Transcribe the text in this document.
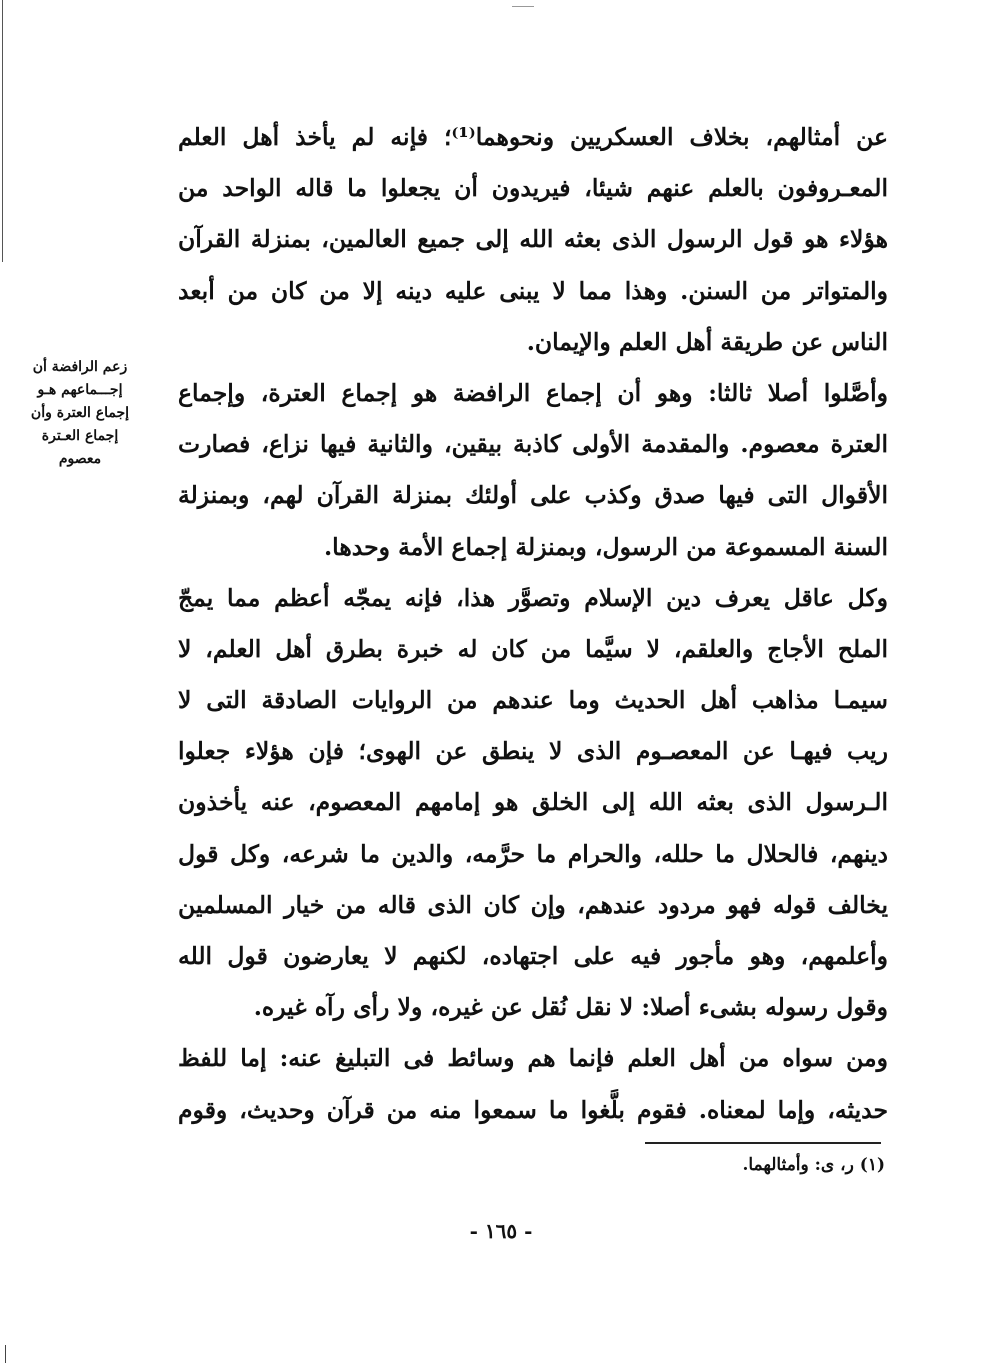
عن أمثالهم، بخلاف العسكريين ونحوهما⁽¹⁾؛ فإنه لم يأخذ أهل العلم
المعـروفون بالعلم عنهم شيئا، فيريدون أن يجعلوا ما قاله الواحد من
هؤلاء هو قول الرسول الذى بعثه الله إلى جميع العالمين، بمنزلة القرآن
والمتواتر من السنن. وهذا مما لا يبنى عليه دينه إلا من كان من أبعد
الناس عن طريقة أهل العلم والإيمان.
وأصَّلوا أصلا ثالثا: وهو أن إجماع الرافضة هو إجماع العترة، وإجماع
العترة معصوم. والمقدمة الأولى كاذبة بيقين، والثانية فيها نزاع، فصارت
الأقوال التى فيها صدق وكذب على أولئك بمنزلة القرآن لهم، وبمنزلة
السنة المسموعة من الرسول، وبمنزلة إجماع الأمة وحدها.
وكل عاقل يعرف دين الإسلام وتصوَّر هذا، فإنه يمجّه أعظم مما يمجّ
الملح الأجاج والعلقم، لا سيَّما من كان له خبرة بطرق أهل العلم، لا
سيمـا مذاهب أهل الحديث وما عندهم من الروايات الصادقة التى لا
ريب فيهـا عن المعصـوم الذى لا ينطق عن الهوى؛ فإن هؤلاء جعلوا
الـرسول الذى بعثه الله إلى الخلق هو إمامهم المعصوم، عنه يأخذون
دينهم، فالحلال ما حلله، والحرام ما حرَّمه، والدين ما شرعه، وكل قول
يخالف قوله فهو مردود عندهم، وإن كان الذى قاله من خيار المسلمين
وأعلمهم، وهو مأجور فيه على اجتهاده، لكنهم لا يعارضون قول الله
وقول رسوله بشىء أصلا: لا نقل نُقل عن غيره، ولا رأى رآه غيره.
ومن سواه من أهل العلم فإنما هم وسائط فى التبليغ عنه: إما للفظ
حديثه، وإما لمعناه. فقوم بلَّغوا ما سمعوا منه من قرآن وحديث، وقوم
زعم الرافضة أن
إجـــماعهم هـو
إجماع العترة وأن
إجماع العـترة
معصوم
(١) ر، ى: وأمثالهما.
- ١٦٥ -
